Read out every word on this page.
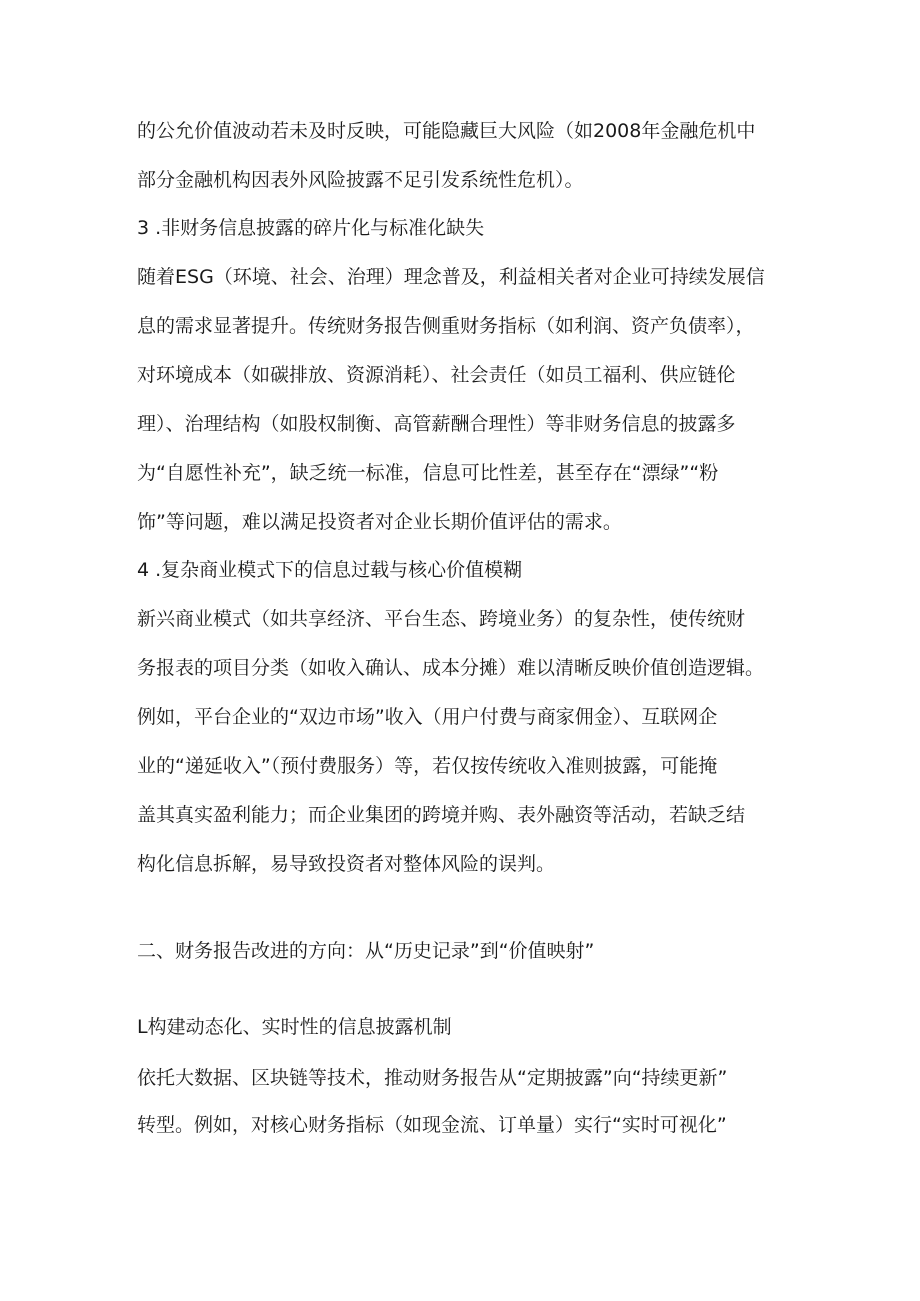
的公允价值波动若未及时反映，可能隐藏巨大风险（如2008年金融危机中
部分金融机构因表外风险披露不足引发系统性危机）。
3 .非财务信息披露的碎片化与标准化缺失
随着ESG（环境、社会、治理）理念普及，利益相关者对企业可持续发展信
息的需求显著提升。传统财务报告侧重财务指标（如利润、资产负债率），
对环境成本（如碳排放、资源消耗）、社会责任（如员工福利、供应链伦
理）、治理结构（如股权制衡、高管薪酬合理性）等非财务信息的披露多
为“自愿性补充”，缺乏统一标准，信息可比性差，甚至存在“漂绿”“粉
饰”等问题，难以满足投资者对企业长期价值评估的需求。
4 .复杂商业模式下的信息过载与核心价值模糊
新兴商业模式（如共享经济、平台生态、跨境业务）的复杂性，使传统财
务报表的项目分类（如收入确认、成本分摊）难以清晰反映价值创造逻辑。
例如，平台企业的“双边市场”收入（用户付费与商家佣金）、互联网企
业的“递延收入”（预付费服务）等，若仅按传统收入准则披露，可能掩
盖其真实盈利能力；而企业集团的跨境并购、表外融资等活动，若缺乏结
构化信息拆解，易导致投资者对整体风险的误判。
二、财务报告改进的方向：从“历史记录”到“价值映射”
L构建动态化、实时性的信息披露机制
依托大数据、区块链等技术，推动财务报告从“定期披露”向“持续更新”
转型。例如，对核心财务指标（如现金流、订单量）实行“实时可视化”
